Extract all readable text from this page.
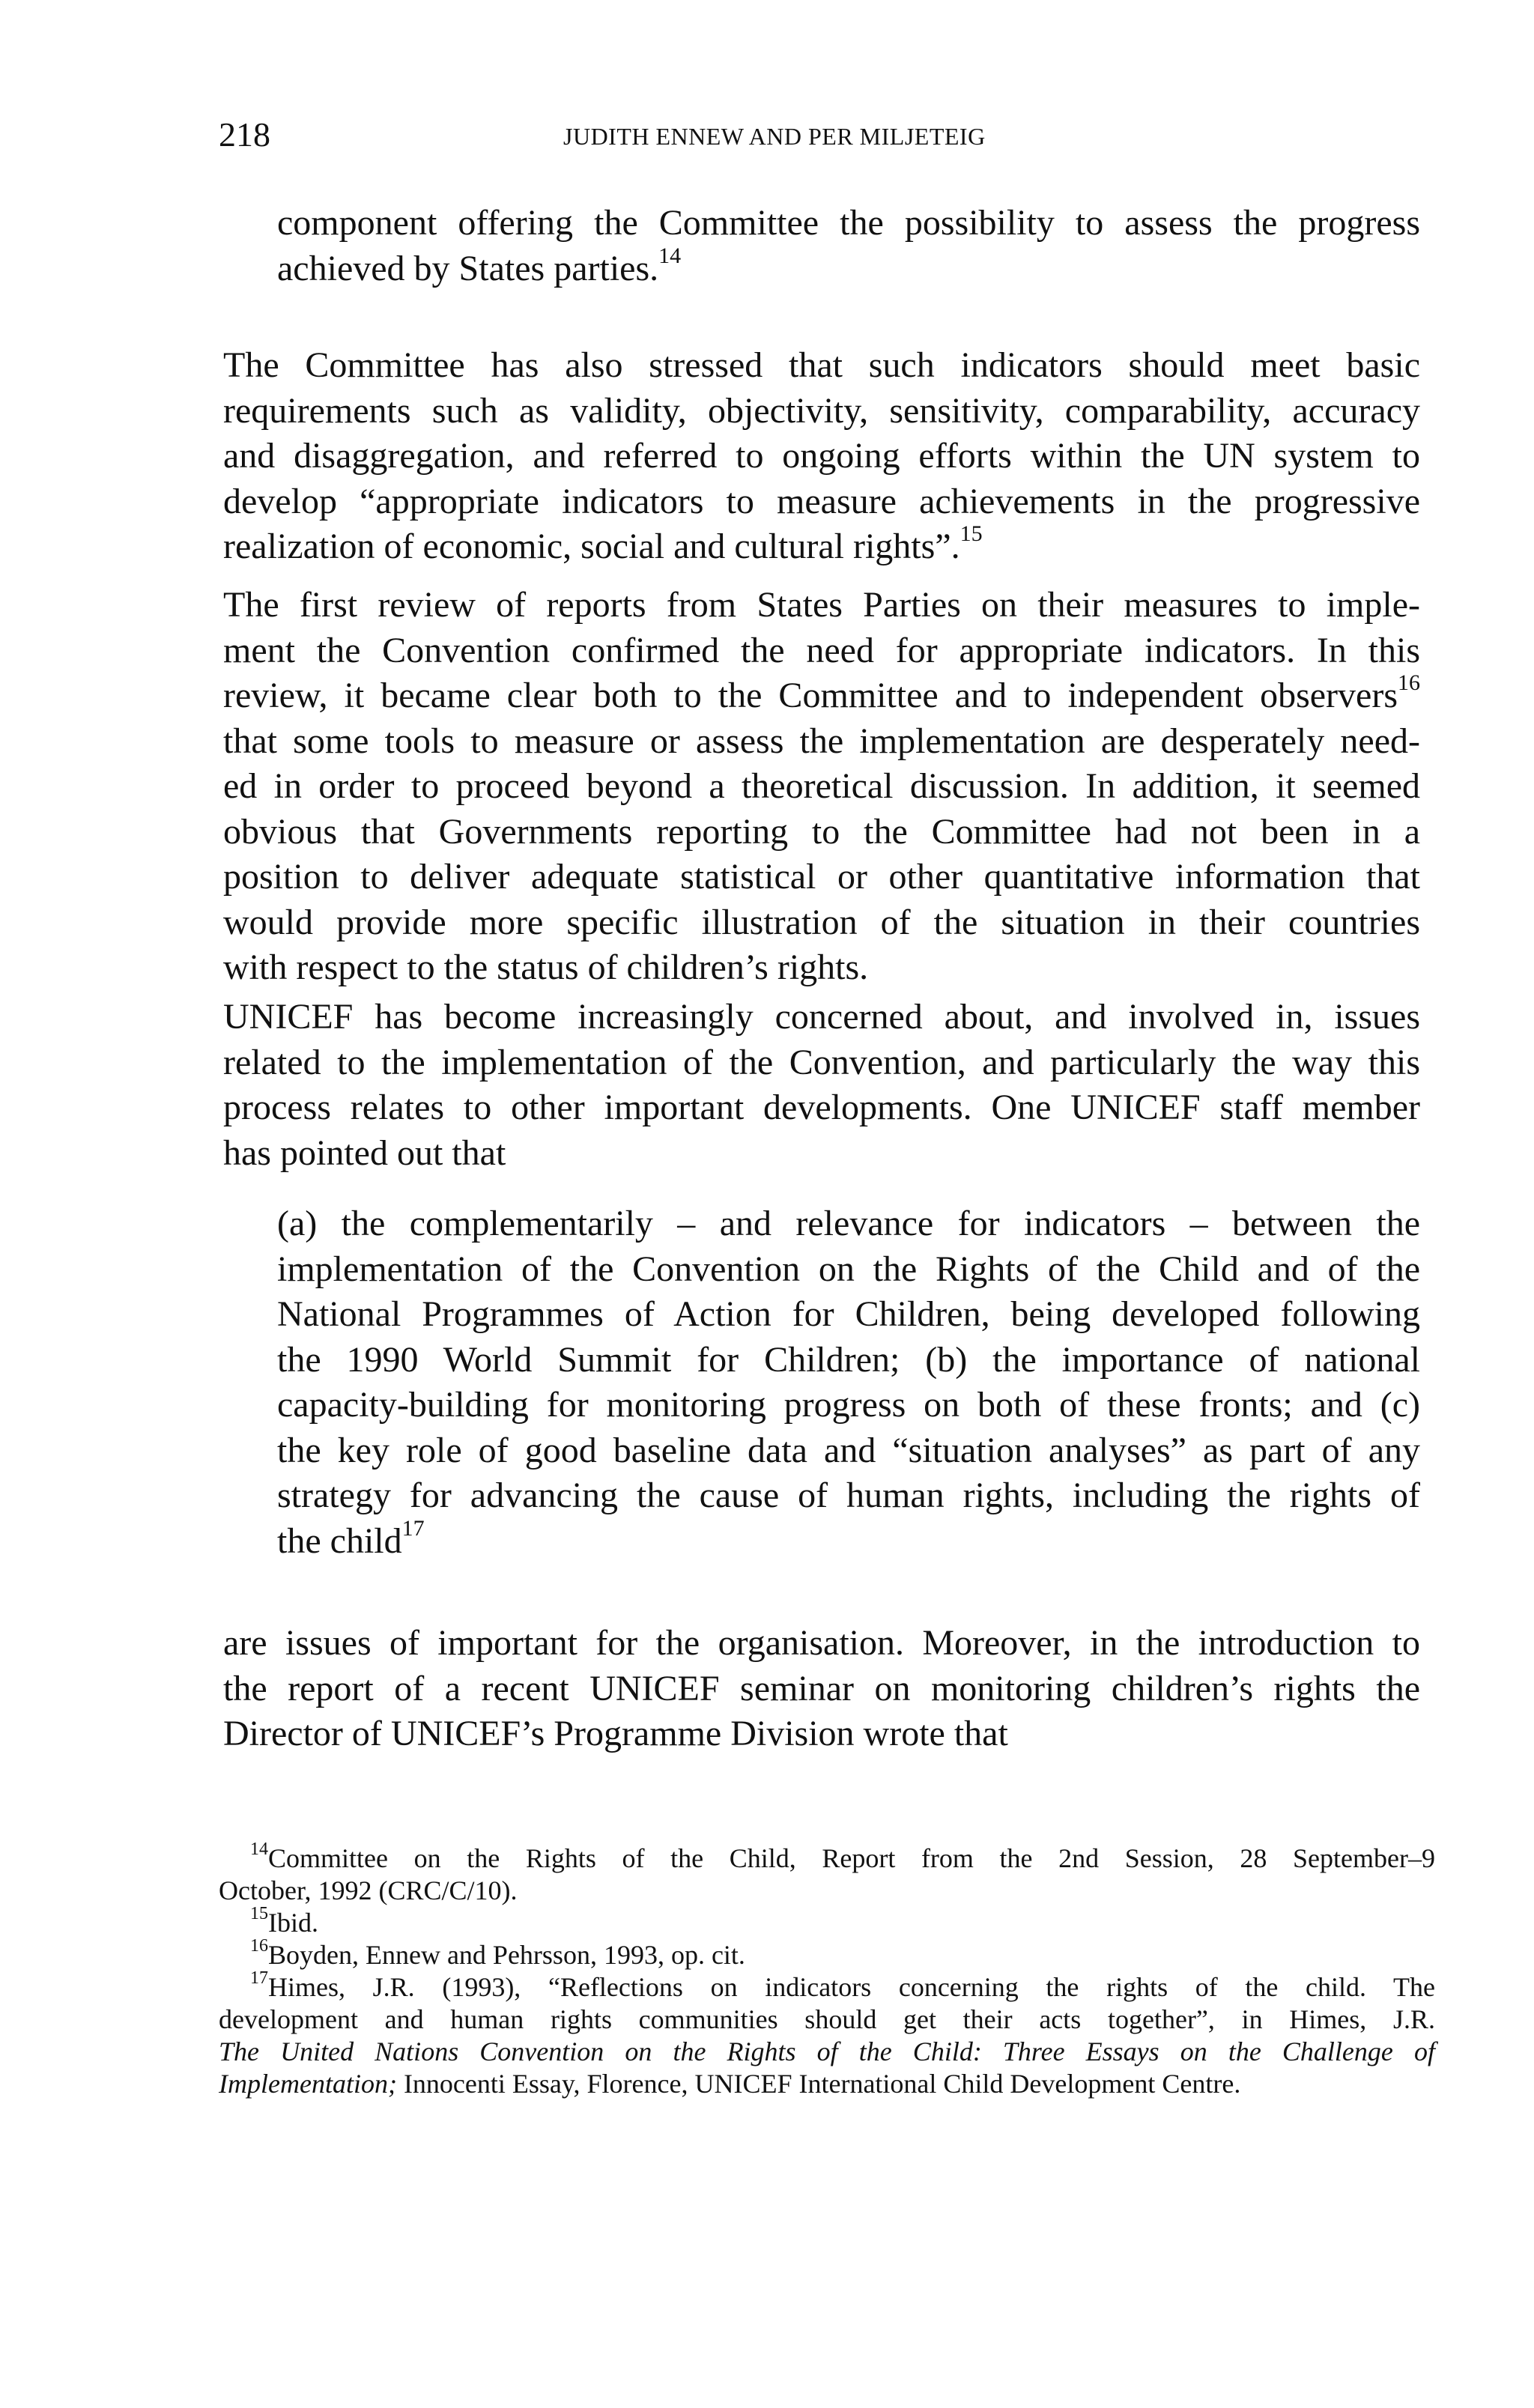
218	JUDITH ENNEW AND PER MILJETEIG
component offering the Committee the possibility to assess the progress
achieved by States parties.$^{14}$
The Committee has also stressed that such indicators should meet basic
requirements such as validity, objectivity, sensitivity, comparability, accuracy
and disaggregation, and referred to ongoing efforts within the UN system to
develop “appropriate indicators to measure achievements in the progressive
realization of economic, social and cultural rights”.$^{15}$
The first review of reports from States Parties on their measures to imple-
ment the Convention confirmed the need for appropriate indicators. In this
review, it became clear both to the Committee and to independent observers$^{16}$
that some tools to measure or assess the implementation are desperately need-
ed in order to proceed beyond a theoretical discussion. In addition, it seemed
obvious that Governments reporting to the Committee had not been in a
position to deliver adequate statistical or other quantitative information that
would provide more specific illustration of the situation in their countries
with respect to the status of children’s rights.
UNICEF has become increasingly concerned about, and involved in, issues
related to the implementation of the Convention, and particularly the way this
process relates to other important developments. One UNICEF staff member
has pointed out that
(a) the complementarily – and relevance for indicators – between the
implementation of the Convention on the Rights of the Child and of the
National Programmes of Action for Children, being developed following
the 1990 World Summit for Children; (b) the importance of national
capacity-building for monitoring progress on both of these fronts; and (c)
the key role of good baseline data and “situation analyses” as part of any
strategy for advancing the cause of human rights, including the rights of
the child$^{17}$
are issues of important for the organisation. Moreover, in the introduction to
the report of a recent UNICEF seminar on monitoring children’s rights the
Director of UNICEF’s Programme Division wrote that
$^{14}$Committee on the Rights of the Child, Report from the 2nd Session, 28 September–9
October, 1992 (CRC/C/10).
$^{15}$Ibid.
$^{16}$Boyden, Ennew and Pehrsson, 1993, op. cit.
$^{17}$Himes, J.R. (1993), “Reflections on indicators concerning the rights of the child. The
development and human rights communities should get their acts together”, in Himes, J.R.
The United Nations Convention on the Rights of the Child: Three Essays on the Challenge of
Implementation; Innocenti Essay, Florence, UNICEF International Child Development Centre.
